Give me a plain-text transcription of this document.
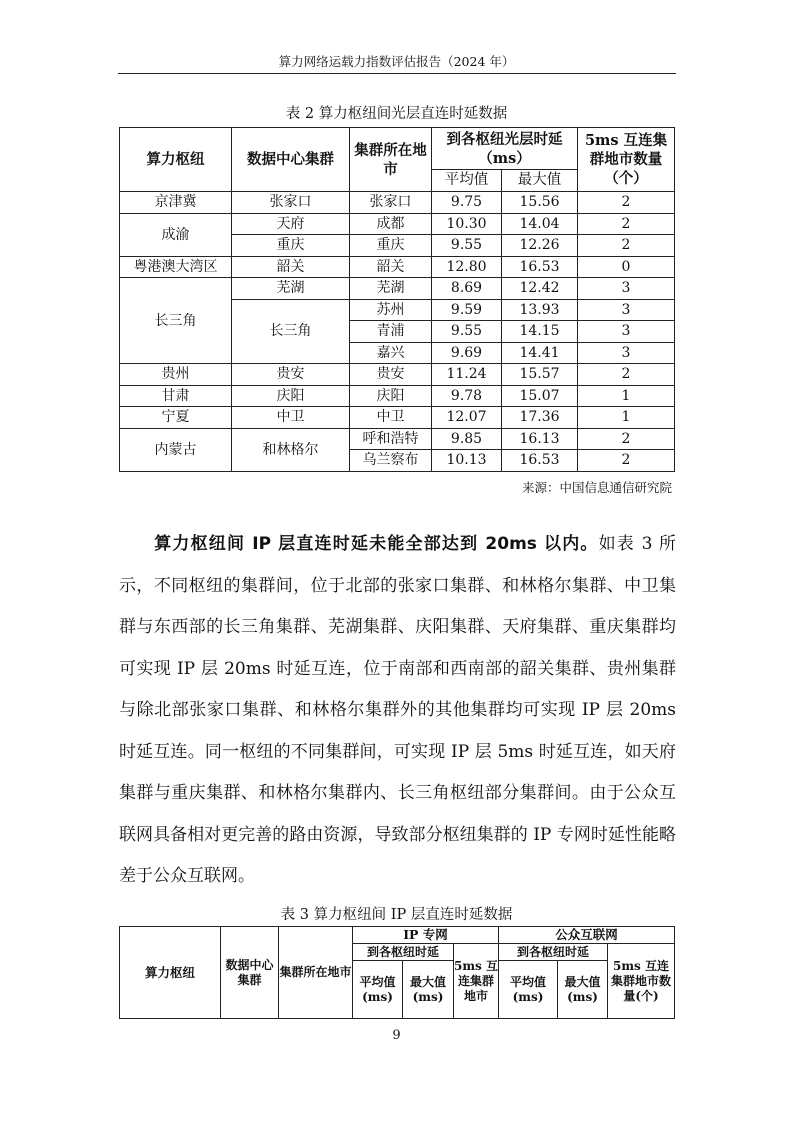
算力网络运载力指数评估报告（2024 年）
表 2 算力枢纽间光层直连时延数据
算力枢纽	数据中心集群	集群所在地市	到各枢纽光层时延（ms）		5ms 互连集群地市数量（个）
			平均值	最大值	
京津冀	张家口	张家口	9.75	15.56	2
成渝	天府	成都	10.30	14.04	2
	重庆	重庆	9.55	12.26	2
粤港澳大湾区	韶关	韶关	12.80	16.53	0
长三角	芜湖	芜湖	8.69	12.42	3
	长三角	苏州	9.59	13.93	3
		青浦	9.55	14.15	3
		嘉兴	9.69	14.41	3
贵州	贵安	贵安	11.24	15.57	2
甘肃	庆阳	庆阳	9.78	15.07	1
宁夏	中卫	中卫	12.07	17.36	1
内蒙古	和林格尔	呼和浩特	9.85	16.13	2
		乌兰察布	10.13	16.53	2
来源：中国信息通信研究院

  算力枢纽间 IP 层直连时延未能全部达到 20ms 以内。如表 3 所示，不同枢纽的集群间，位于北部的张家口集群、和林格尔集群、中卫集群与东西部的长三角集群、芜湖集群、庆阳集群、天府集群、重庆集群均可实现 IP 层 20ms 时延互连，位于南部和西南部的韶关集群、贵州集群与除北部张家口集群、和林格尔集群外的其他集群均可实现 IP 层 20ms 时延互连。同一枢纽的不同集群间，可实现 IP 层 5ms 时延互连，如天府集群与重庆集群、和林格尔集群内、长三角枢纽部分集群间。由于公众互联网具备相对更完善的路由资源，导致部分枢纽集群的 IP 专网时延性能略差于公众互联网。

表 3 算力枢纽间 IP 层直连时延数据
算力枢纽	数据中心集群	集群所在地市	IP 专网			公众互联网		
			到各枢纽时延		5ms 互连集群地市	到各枢纽时延		5ms 互连集群地市数量(个)
			平均值(ms)	最大值(ms)		平均值(ms)	最大值(ms)	
9
